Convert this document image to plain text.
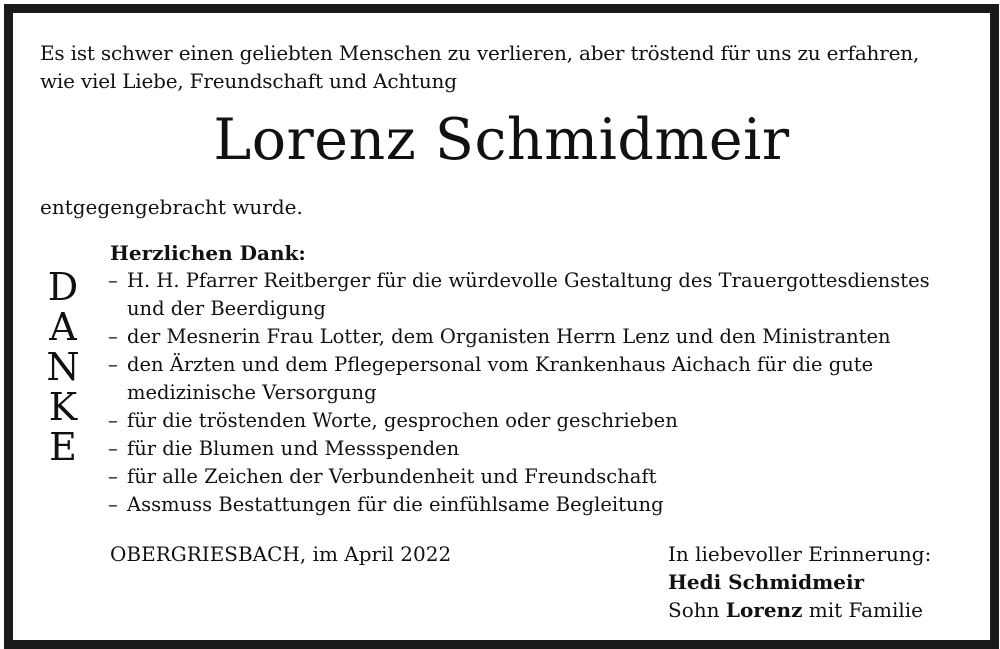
Es ist schwer einen geliebten Menschen zu verlieren, aber tröstend für uns zu erfahren,
wie viel Liebe, Freundschaft und Achtung
Lorenz Schmidmeir
entgegengebracht wurde.
D
A
N
K
E
Herzlichen Dank:
– H. H. Pfarrer Reitberger für die würdevolle Gestaltung des Trauergottesdienstes
und der Beerdigung
– der Mesnerin Frau Lotter, dem Organisten Herrn Lenz und den Ministranten
– den Ärzten und dem Pflegepersonal vom Krankenhaus Aichach für die gute
medizinische Versorgung
– für die tröstenden Worte, gesprochen oder geschrieben
– für die Blumen und Messspenden
– für alle Zeichen der Verbundenheit und Freundschaft
– Assmuss Bestattungen für die einfühlsame Begleitung
OBERGRIESBACH, im April 2022	In liebevoller Erinnerung:
Hedi Schmidmeir
Sohn Lorenz mit Familie
